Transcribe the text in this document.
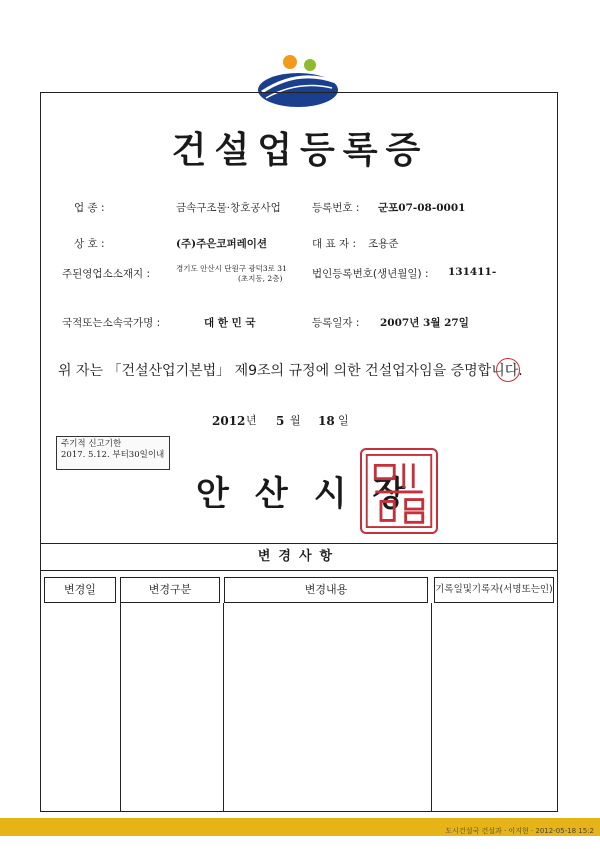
건설업등록증
업 종 :	금속구조물·창호공사업	등록번호 : 군포07-08-0001
상 호 :	(주)주은코퍼레이션	대 표 자 : 조용준
주된영업소소재지 :	경기도 안산시 단원구 광덕3로 31
(초지동, 2층)	법인등록번호(생년월일) : 131411-
국적또는소속국가명 :	대 한 민 국	등록일자 : 2007년 3월 27일
위 자는 「건설산업기본법」 제9조의 규정에 의한 건설업자임을 증명합니다.
2012 년 5 월 18 일
주기적 신고기한
2017. 5.12. 부터30일이내
안산시장
변경사항
변경일	변경구분	변경내용	기록일및기록자(서명또는인)
도시건설국 건설과 · 이지현 · 2012-05-18 15:2
